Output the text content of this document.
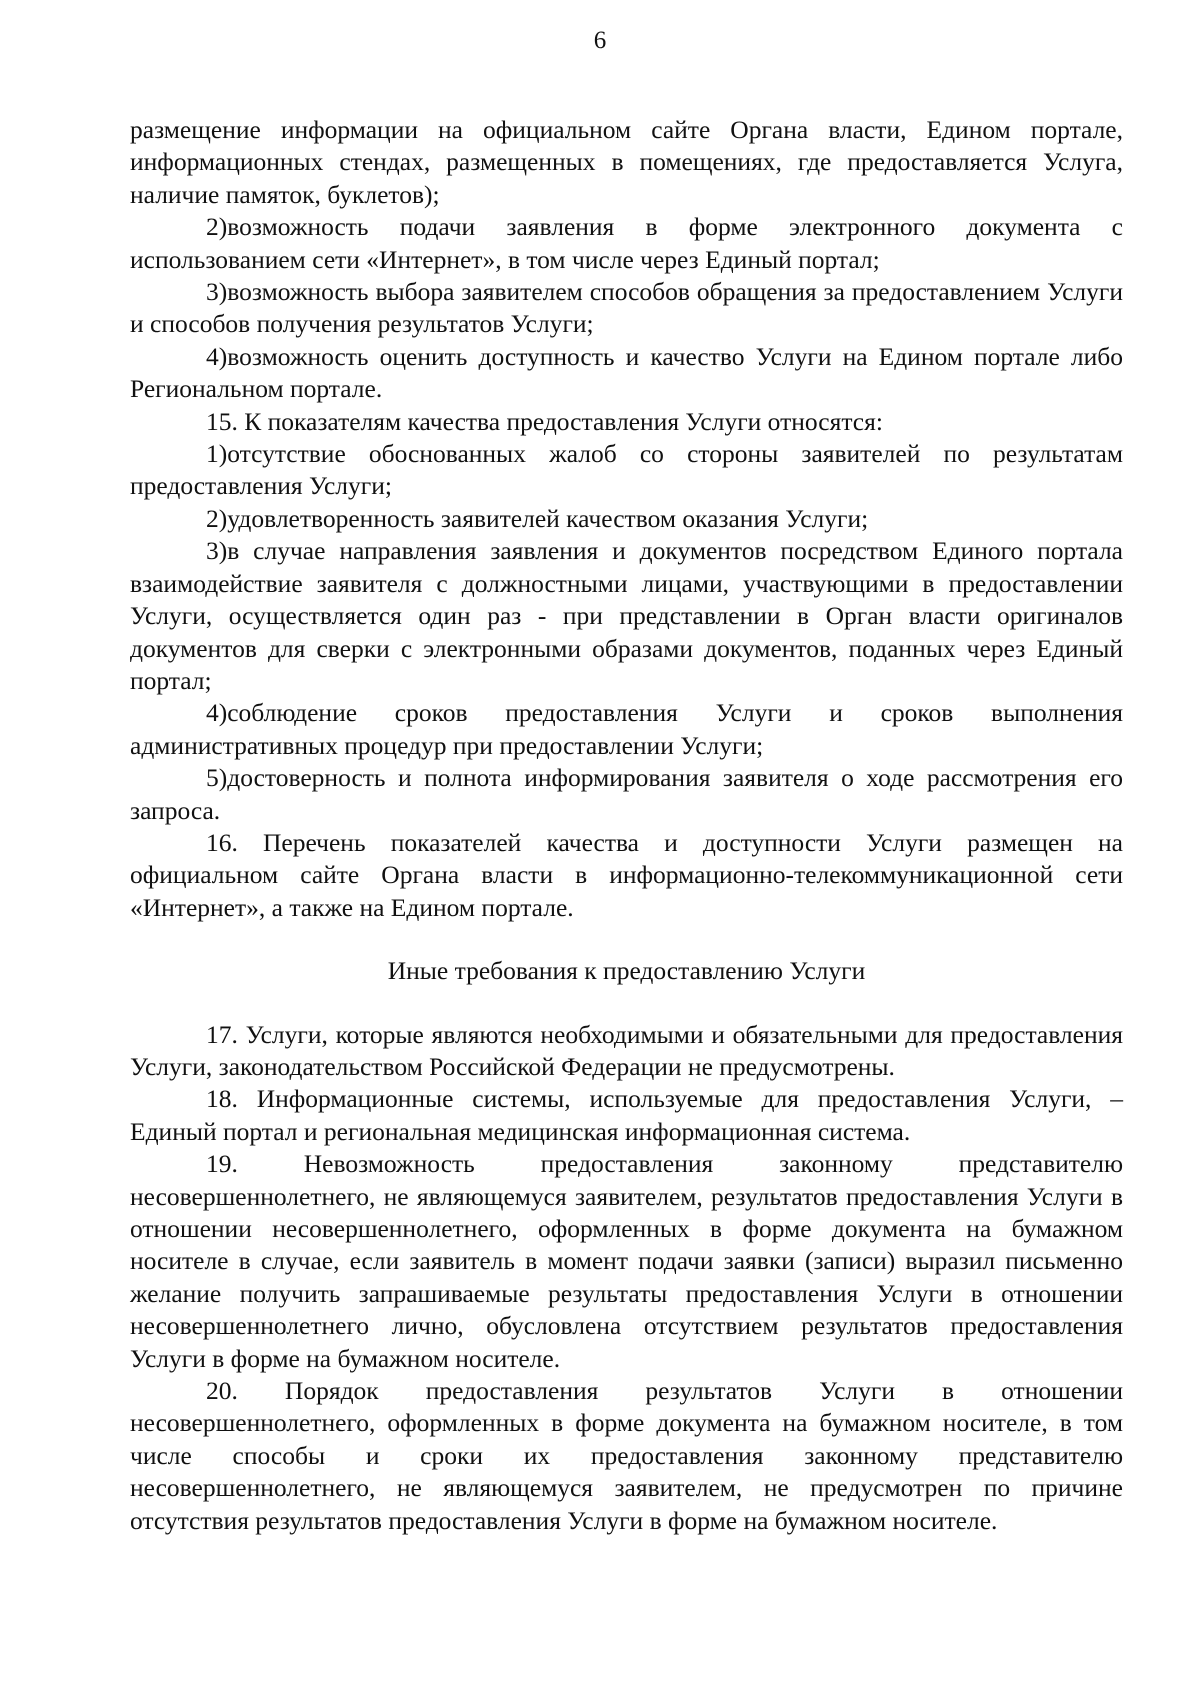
6

размещение информации на официальном сайте Органа власти, Едином портале, информационных стендах, размещенных в помещениях, где предоставляется Услуга, наличие памяток, буклетов);

2)возможность подачи заявления в форме электронного документа с использованием сети «Интернет», в том числе через Единый портал;

3)возможность выбора заявителем способов обращения за предоставлением Услуги и способов получения результатов Услуги;

4)возможность оценить доступность и качество Услуги на Едином портале либо Региональном портале.

15. К показателям качества предоставления Услуги относятся:

1)отсутствие обоснованных жалоб со стороны заявителей по результатам предоставления Услуги;

2)удовлетворенность заявителей качеством оказания Услуги;

3)в случае направления заявления и документов посредством Единого портала взаимодействие заявителя с должностными лицами, участвующими в предоставлении Услуги, осуществляется один раз - при представлении в Орган власти оригиналов документов для сверки с электронными образами документов, поданных через Единый портал;

4)соблюдение сроков предоставления Услуги и сроков выполнения административных процедур при предоставлении Услуги;

5)достоверность и полнота информирования заявителя о ходе рассмотрения его запроса.

16. Перечень показателей качества и доступности Услуги размещен на официальном сайте Органа власти в информационно-телекоммуникационной сети «Интернет», а также на Едином портале.

Иные требования к предоставлению Услуги

17. Услуги, которые являются необходимыми и обязательными для предоставления Услуги, законодательством Российской Федерации не предусмотрены.

18. Информационные системы, используемые для предоставления Услуги, – Единый портал и региональная медицинская информационная система.

19. Невозможность предоставления законному представителю несовершеннолетнего, не являющемуся заявителем, результатов предоставления Услуги в отношении несовершеннолетнего, оформленных в форме документа на бумажном носителе в случае, если заявитель в момент подачи заявки (записи) выразил письменно желание получить запрашиваемые результаты предоставления Услуги в отношении несовершеннолетнего лично, обусловлена отсутствием результатов предоставления Услуги в форме на бумажном носителе.

20. Порядок предоставления результатов Услуги в отношении несовершеннолетнего, оформленных в форме документа на бумажном носителе, в том числе способы и сроки их предоставления законному представителю несовершеннолетнего, не являющемуся заявителем, не предусмотрен по причине отсутствия результатов предоставления Услуги в форме на бумажном носителе.
